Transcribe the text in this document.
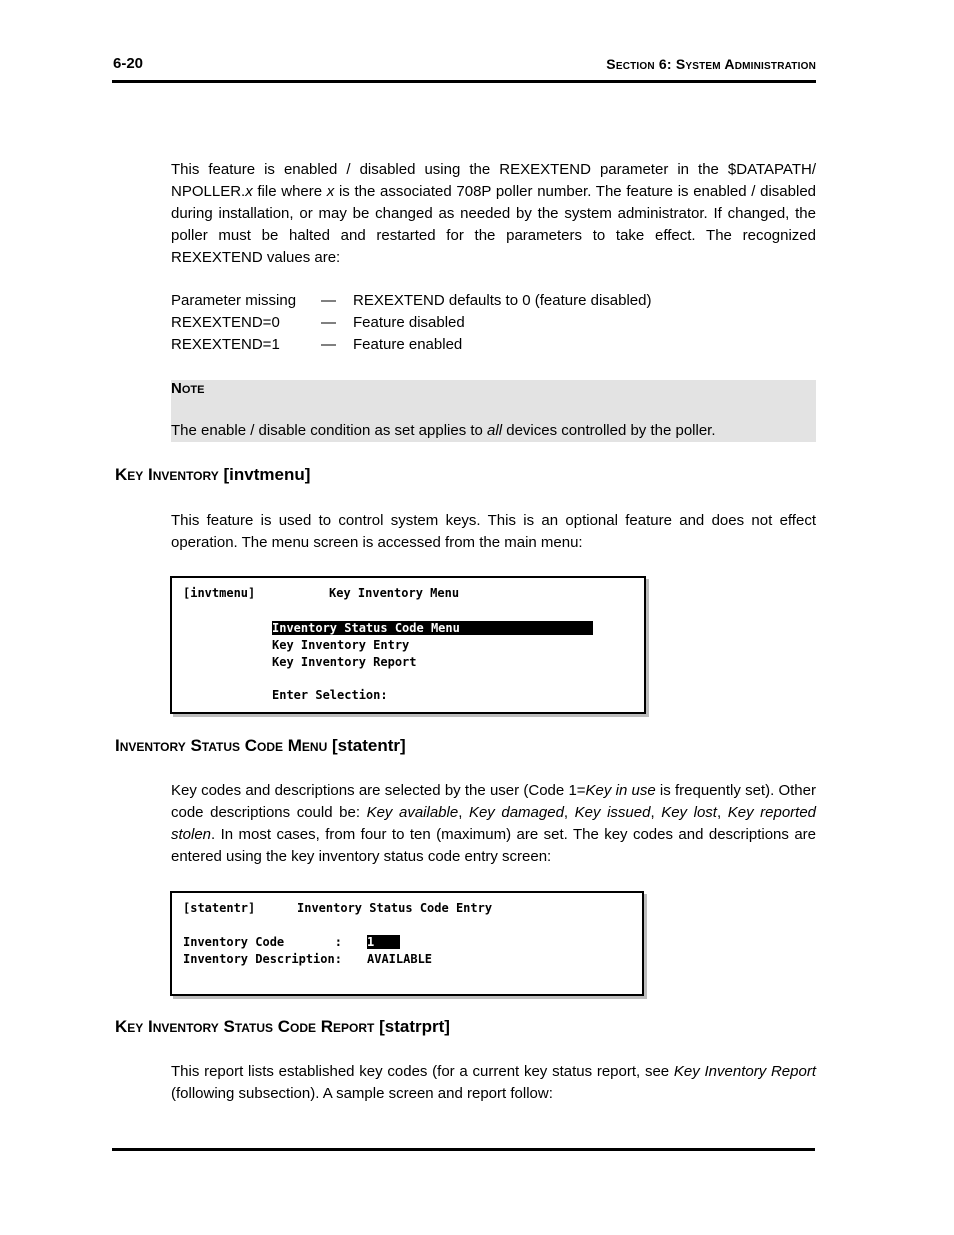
6-20	Section 6: System Administration
This feature is enabled / disabled using the REXEXTEND parameter in the $DATAPATH/ NPOLLER.x file where x is the associated 708P poller number. The feature is enabled / disabled during installation, or may be changed as needed by the system administrator. If changed, the poller must be halted and restarted for the parameters to take effect. The recognized REXEXTEND values are:
Parameter missing — REXEXTEND defaults to 0 (feature disabled)
REXEXTEND=0	— Feature disabled
REXEXTEND=1	— Feature enabled
Note
The enable / disable condition as set applies to all devices controlled by the poller.
Key Inventory [invtmenu]
This feature is used to control system keys. This is an optional feature and does not effect operation. The menu screen is accessed from the main menu:
[invtmenu]	Key Inventory Menu
Inventory Status Code Menu
Key Inventory Entry
Key Inventory Report
Enter Selection:
Inventory Status Code Menu [statentr]
Key codes and descriptions are selected by the user (Code 1=Key in use is frequently set). Other code descriptions could be: Key available, Key damaged, Key issued, Key lost, Key reported stolen. In most cases, from four to ten (maximum) are set. The key codes and descriptions are entered using the key inventory status code entry screen:
[statentr]	Inventory Status Code Entry
Inventory Code       : 1
Inventory Description: AVAILABLE
Key Inventory Status Code Report [statrprt]
This report lists established key codes (for a current key status report, see Key Inventory Report (following subsection). A sample screen and report follow:
